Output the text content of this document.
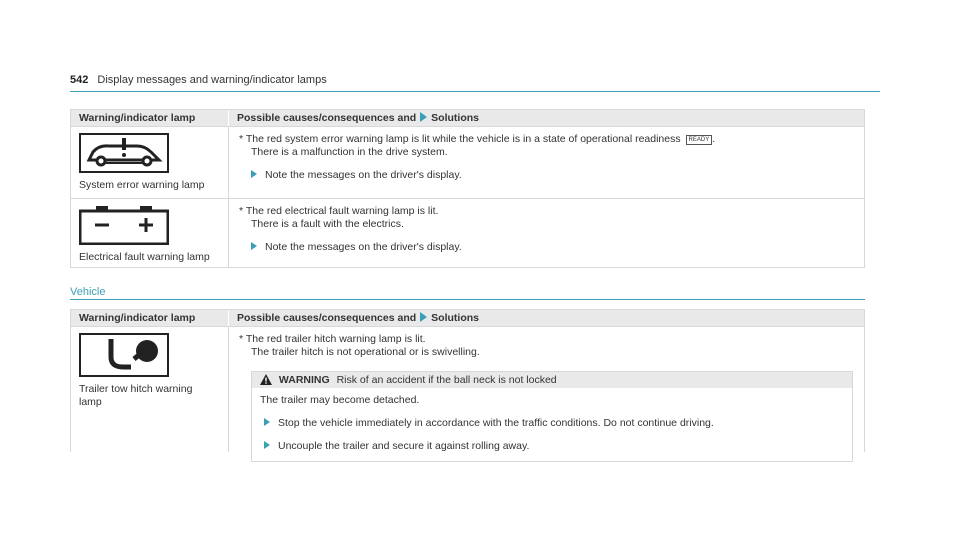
542 Display messages and warning/indicator lamps
Warning/indicator lamp	Possible causes/consequences and Solutions
System error warning lamp
* The red system error warning lamp is lit while the vehicle is in a state of operational readiness READY .
There is a malfunction in the drive system.
Note the messages on the driver's display.
Electrical fault warning lamp
* The red electrical fault warning lamp is lit.
There is a fault with the electrics.
Note the messages on the driver's display.
Vehicle
Warning/indicator lamp	Possible causes/consequences and Solutions
Trailer tow hitch warning
lamp
* The red trailer hitch warning lamp is lit.
The trailer hitch is not operational or is swivelling.
WARNING Risk of an accident if the ball neck is not locked
The trailer may become detached.
Stop the vehicle immediately in accordance with the traffic conditions. Do not continue driving.
Uncouple the trailer and secure it against rolling away.
